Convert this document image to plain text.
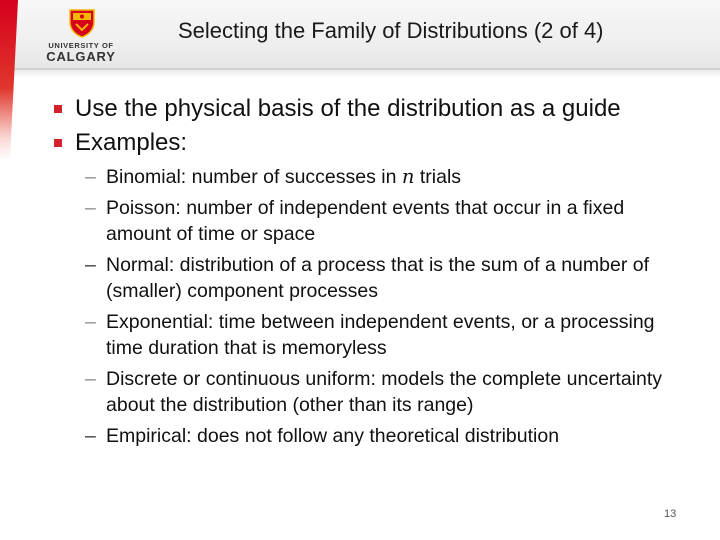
UNIVERSITY OF
CALGARY
Selecting the Family of Distributions (2 of 4)

Use the physical basis of the distribution as a guide

Examples:

– Binomial: number of successes in n trials

– Poisson: number of independent events that occur in a fixed amount of time or space

– Normal: distribution of a process that is the sum of a number of (smaller) component processes

– Exponential: time between independent events, or a processing time duration that is memoryless

– Discrete or continuous uniform: models the complete uncertainty about the distribution (other than its range)

– Empirical: does not follow any theoretical distribution

13
